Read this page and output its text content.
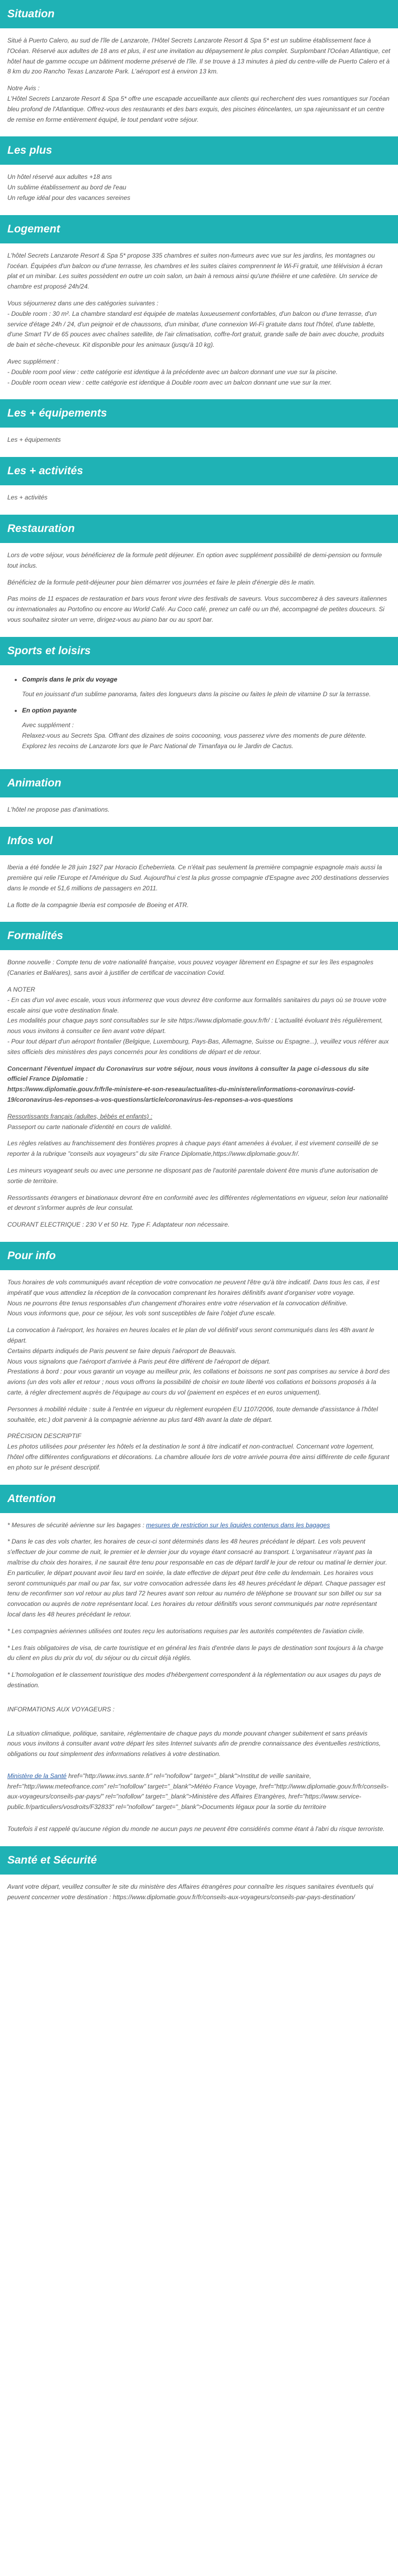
Situation

Situé à Puerto Calero, au sud de l'île de Lanzarote, l'Hôtel Secrets Lanzarote Resort & Spa 5* est un sublime établissement face à l'Océan. Réservé aux adultes de 18 ans et plus, il est une invitation au dépaysement le plus complet. Surplombant l'Océan Atlantique, cet hôtel haut de gamme occupe un bâtiment moderne préservé de l'île. Il se trouve à 13 minutes à pied du centre-ville de Puerto Calero et à 8 km du zoo Rancho Texas Lanzarote Park. L'aéroport est à environ 13 km.

Notre Avis :

L'Hôtel Secrets Lanzarote Resort & Spa 5* offre une escapade accueillante aux clients qui recherchent des vues romantiques sur l'océan bleu profond de l'Atlantique. Offrez-vous des restaurants et des bars exquis, des piscines étincelantes, un spa rajeunissant et un centre de remise en forme entièrement équipé, le tout pendant votre séjour.

Les plus
Un hôtel réservé aux adultes +18 ans
Un sublime établissement au bord de l'eau
Un refuge idéal pour des vacances sereines
Logement

L'hôtel Secrets Lanzarote Resort & Spa 5* propose 335 chambres et suites non-fumeurs avec vue sur les jardins, les montagnes ou l'océan. Équipées d'un balcon ou d'une terrasse, les chambres et les suites claires comprennent le Wi-Fi gratuit, une télévision à écran plat et un minibar. Les suites possèdent en outre un coin salon, un bain à remous ainsi qu'une théière et une cafetière. Un service de chambre est proposé 24h/24.

Vous séjournerez dans une des catégories suivantes :

- Double room : 30 m². La chambre standard est équipée de matelas luxueusement confortables, d'un balcon ou d'une terrasse, d'un service d'étage 24h / 24, d'un peignoir et de chaussons, d'un minibar, d'une connexion Wi-Fi gratuite dans tout l'hôtel, d'une tablette, d'une Smart TV de 65 pouces avec chaînes satellite, de l'air climatisation, coffre-fort gratuit, grande salle de bain avec douche, produits de bain et sèche-cheveux. Kit disponible pour les animaux (jusqu'à 10 kg).

Avec supplément :

- Double room pool view : cette catégorie est identique à la précédente avec un balcon donnant une vue sur la piscine.

- Double room ocean view : cette catégorie est identique à Double room avec un balcon donnant une vue sur la mer.

Les + équipements

Les + équipements

Les + activités

Les + activités

Restauration

Lors de votre séjour, vous bénéficierez de la formule petit déjeuner. En option avec supplément possibilité de demi-pension ou formule tout inclus.

Bénéficiez de la formule petit-déjeuner pour bien démarrer vos journées et faire le plein d'énergie dès le matin.

Pas moins de 11 espaces de restauration et bars vous feront vivre des festivals de saveurs. Vous succomberez à des saveurs italiennes ou internationales au Portofino ou encore au World Café. Au Coco café, prenez un café ou un thé, accompagné de petites douceurs. Si vous souhaitez siroter un verre, dirigez-vous au piano bar ou au sport bar.

Sports et loisirs
• Compris dans le prix du voyage
Tout en jouissant d'un sublime panorama, faites des longueurs dans la piscine ou faites le plein de vitamine D sur la terrasse.
• En option payante
Avec supplément :
Relaxez-vous au Secrets Spa. Offrant des dizaines de soins cocooning, vous passerez vivre des moments de pure détente.
Explorez les recoins de Lanzarote lors que le Parc National de Timanfaya ou le Jardin de Cactus.
Animation

L'hôtel ne propose pas d'animations.

Infos vol

Iberia a été fondée le 28 juin 1927 par Horacio Echeberrieta. Ce n'était pas seulement la première compagnie espagnole mais aussi la première qui relie l'Europe et l'Amérique du Sud. Aujourd'hui c'est la plus grosse compagnie d'Espagne avec 200 destinations desservies dans le monde et 51,6 millions de passagers en 2011.

La flotte de la compagnie Iberia est composée de Boeing et ATR.

Formalités

Bonne nouvelle : Compte tenu de votre nationalité française, vous pouvez voyager librement en Espagne et sur les îles espagnoles (Canaries et Baléares), sans avoir à justifier de certificat de vaccination Covid.

A NOTER

- En cas d'un vol avec escale, vous vous informerez que vous devrez être conforme aux formalités sanitaires du pays où se trouve votre escale ainsi que votre destination finale.

Les modalités pour chaque pays sont consultables sur le site https://www.diplomatie.gouv.fr/fr/ : L'actualité évoluant très régulièrement, nous vous invitons à consulter ce lien avant votre départ.

- Pour tout départ d'un aéroport frontalier (Belgique, Luxembourg, Pays-Bas, Allemagne, Suisse ou Espagne...), veuillez vous référer aux sites officiels des ministères des pays concernés pour les conditions de départ et de retour.

Concernant l'éventuel impact du Coronavirus sur votre séjour, nous vous invitons à consulter la page ci-dessous du site officiel France Diplomatie :

https://www.diplomatie.gouv.fr/fr/le-ministere-et-son-reseau/actualites-du-ministere/informations-coronavirus-covid-19/coronavirus-les-reponses-a-vos-questions/article/coronavirus-les-reponses-a-vos-questions

Ressortissants français (adultes, bébés et enfants) :

Passeport ou carte nationale d'identité en cours de validité.

Les règles relatives au franchissement des frontières propres à chaque pays étant amenées à évoluer, il est vivement conseillé de se reporter à la rubrique "conseils aux voyageurs" du site France Diplomatie,https://www.diplomatie.gouv.fr/.

Les mineurs voyageant seuls ou avec une personne ne disposant pas de l'autorité parentale doivent être munis d'une autorisation de sortie de territoire.

Ressortissants étrangers et binationaux devront être en conformité avec les différentes réglementations en vigueur, selon leur nationalité et devront s'informer auprès de leur consulat.

COURANT ELECTRIQUE : 230 V et 50 Hz. Type F. Adaptateur non nécessaire.

Pour info

Tous horaires de vols communiqués avant réception de votre convocation ne peuvent l'être qu'à titre indicatif. Dans tous les cas, il est impératif que vous attendiez la réception de la convocation comprenant les horaires définitifs avant d'organiser votre voyage.

Nous ne pourrons être tenus responsables d'un changement d'horaires entre votre réservation et la convocation définitive.

Nous vous informons que, pour ce séjour, les vols sont susceptibles de faire l'objet d'une escale.

La convocation à l'aéroport, les horaires en heures locales et le plan de vol définitif vous seront communiqués dans les 48h avant le départ.

Certains départs indiqués de Paris peuvent se faire depuis l'aéroport de Beauvais.

Nous vous signalons que l'aéroport d'arrivée à Paris peut être différent de l'aéroport de départ.

Prestations à bord : pour vous garantir un voyage au meilleur prix, les collations et boissons ne sont pas comprises au service à bord des avions (un des vols aller et retour ; nous vous offrons la possibilité de choisir en toute liberté vos collations et boissons proposés à la carte, à régler directement auprès de l'équipage au cours du vol (paiement en espèces et en euros uniquement).

Personnes à mobilité réduite : suite à l'entrée en vigueur du règlement européen EU 1107/2006, toute demande d'assistance à l'hôtel souhaitée, etc.) doit parvenir à la compagnie aérienne au plus tard 48h avant la date de départ.

PRÉCISION DESCRIPTIF

Les photos utilisées pour présenter les hôtels et la destination le sont à titre indicatif et non-contractuel. Concernant votre logement, l'hôtel offre différentes configurations et décorations. La chambre allouée lors de votre arrivée pourra être ainsi différente de celle figurant en photo sur le présent descriptif.

Attention

* Mesures de sécurité aérienne sur les bagages : mesures de restriction sur les liquides contenus dans les bagages

* Dans le cas des vols charter, les horaires de ceux-ci sont déterminés dans les 48 heures précédant le départ. Les vols peuvent s'effectuer de jour comme de nuit, le premier et le dernier jour du voyage étant consacré au transport. L'organisateur n'ayant pas la maîtrise du choix des horaires, il ne saurait être tenu pour responsable en cas de départ tardif le jour de retour ou matinal le dernier jour. En particulier, le départ pouvant avoir lieu tard en soirée, la date effective de départ peut être celle du lendemain. Les horaires vous seront communiqués par mail ou par fax, sur votre convocation adressée dans les 48 heures précédant le départ. Chaque passager est tenu de reconfirmer son vol retour au plus tard 72 heures avant son retour au numéro de téléphone se trouvant sur son billet ou sur sa convocation ou auprès de notre représentant local. Les horaires du retour définitifs vous seront communiqués par notre représentant local dans les 48 heures précédant le retour.

* Les compagnies aériennes utilisées ont toutes reçu les autorisations requises par les autorités compétentes de l'aviation civile.

* Les frais obligatoires de visa, de carte touristique et en général les frais d'entrée dans le pays de destination sont toujours à la charge du client en plus du prix du vol, du séjour ou du circuit déjà réglés.

* L'homologation et le classement touristique des modes d'hébergement correspondent à la réglementation ou aux usages du pays de destination.

INFORMATIONS AUX VOYAGEURS :

La situation climatique, politique, sanitaire, réglementaire de chaque pays du monde pouvant changer subitement et sans préavis

nous vous invitons à consulter avant votre départ les sites Internet suivants afin de prendre connaissance des éventuelles restrictions, obligations ou tout simplement des informations relatives à votre destination.

Ministère de la Santé href="http://www.invs.sante.fr" rel="nofollow" target="_blank">Institut de veille sanitaire, href="http://www.meteofrance.com" rel="nofollow" target="_blank">Météo France Voyage, href="http://www.diplomatie.gouv.fr/fr/conseils-aux-voyageurs/conseils-par-pays/" rel="nofollow" target="_blank">Ministère des Affaires Etrangères, href="https://www.service-public.fr/particuliers/vosdroits/F32833" rel="nofollow" target="_blank">Documents légaux pour la sortie du territoire

Toutefois il est rappelé qu'aucune région du monde ne aucun pays ne peuvent être considérés comme étant à l'abri du risque terroriste.

Santé et Sécurité

Avant votre départ, veuillez consulter le site du ministère des Affaires étrangères pour connaître les risques sanitaires éventuels qui peuvent concerner votre destination : https://www.diplomatie.gouv.fr/fr/conseils-aux-voyageurs/conseils-par-pays-destination/
